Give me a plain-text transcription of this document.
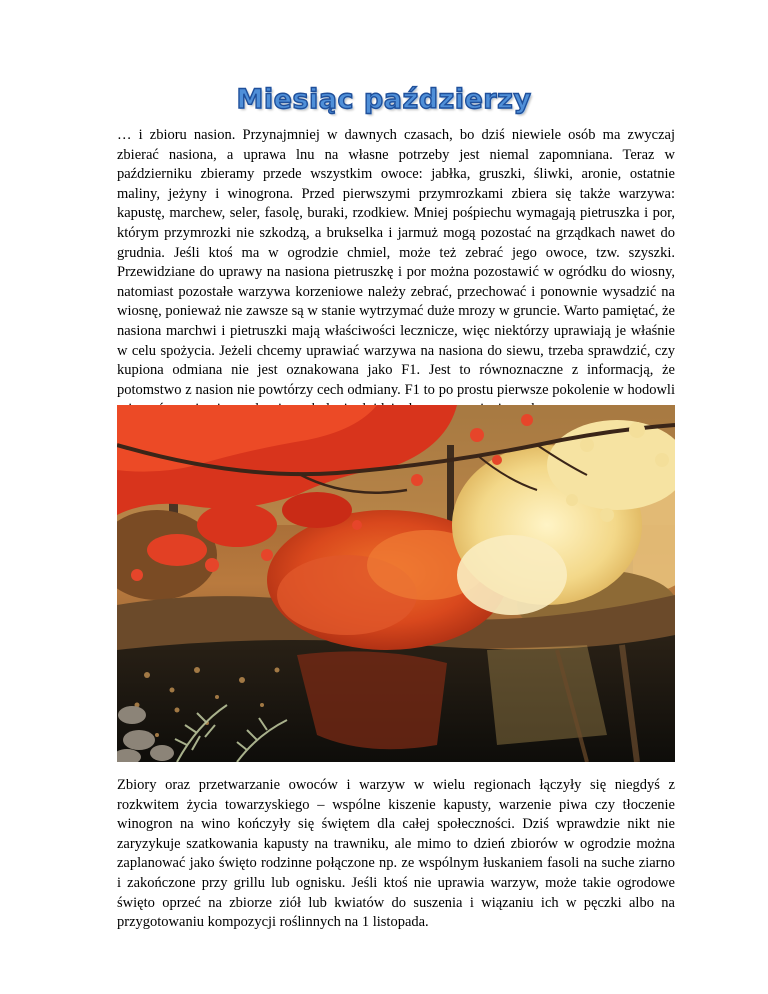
Miesiąc paździerzy

… i zbioru nasion. Przynajmniej w dawnych czasach, bo dziś niewiele osób ma zwyczaj zbierać nasiona, a uprawa lnu na własne potrzeby jest niemal zapomniana. Teraz w październiku zbieramy przede wszystkim owoce: jabłka, gruszki, śliwki, aronie, ostatnie maliny, jeżyny i winogrona. Przed pierwszymi przymrozkami zbiera się także warzywa: kapustę, marchew, seler, fasolę, buraki, rzodkiew. Mniej pośpiechu wymagają pietruszka i por, którym przymrozki nie szkodzą, a brukselka i jarmuż mogą pozostać na grządkach nawet do grudnia. Jeśli ktoś ma w ogrodzie chmiel, może też zebrać jego owoce, tzw. szyszki. Przewidziane do uprawy na nasiona pietruszkę i por można pozostawić w ogródku do wiosny, natomiast pozostałe warzywa korzeniowe należy zebrać, przechować i ponownie wysadzić na wiosnę, ponieważ nie zawsze są w stanie wytrzymać duże mrozy w gruncie. Warto pamiętać, że nasiona marchwi i pietruszki mają właściwości lecznicze, więc niektórzy uprawiają je właśnie w celu spożycia. Jeżeli chcemy uprawiać warzywa na nasiona do siewu, trzeba sprawdzić, czy kupiona odmiana nie jest oznakowana jako F1. Jest to równoznaczne z informacją, że potomstwo z nasion nie powtórzy cech odmiany. F1 to po prostu pierwsze pokolenie w hodowli

Zbiory oraz przetwarzanie owoców i warzyw w wielu regionach łączyły się niegdyś z rozkwitem życia towarzyskiego – wspólne kiszenie kapusty, warzenie piwa czy tłoczenie winogron na wino kończyły się świętem dla całej społeczności. Dziś wprawdzie nikt nie zaryzykuje szatkowania kapusty na trawniku, ale mimo to dzień zbiorów w ogrodzie można zaplanować jako święto rodzinne połączone np. ze wspólnym łuskaniem fasoli na suche ziarno i zakończone przy grillu lub ognisku. Jeśli ktoś nie uprawia warzyw, może takie ogrodowe święto oprzeć na zbiorze ziół lub kwiatów do suszenia i wiązaniu ich w pęczki albo na przygotowaniu kompozycji roślinnych na 1 listopada.
